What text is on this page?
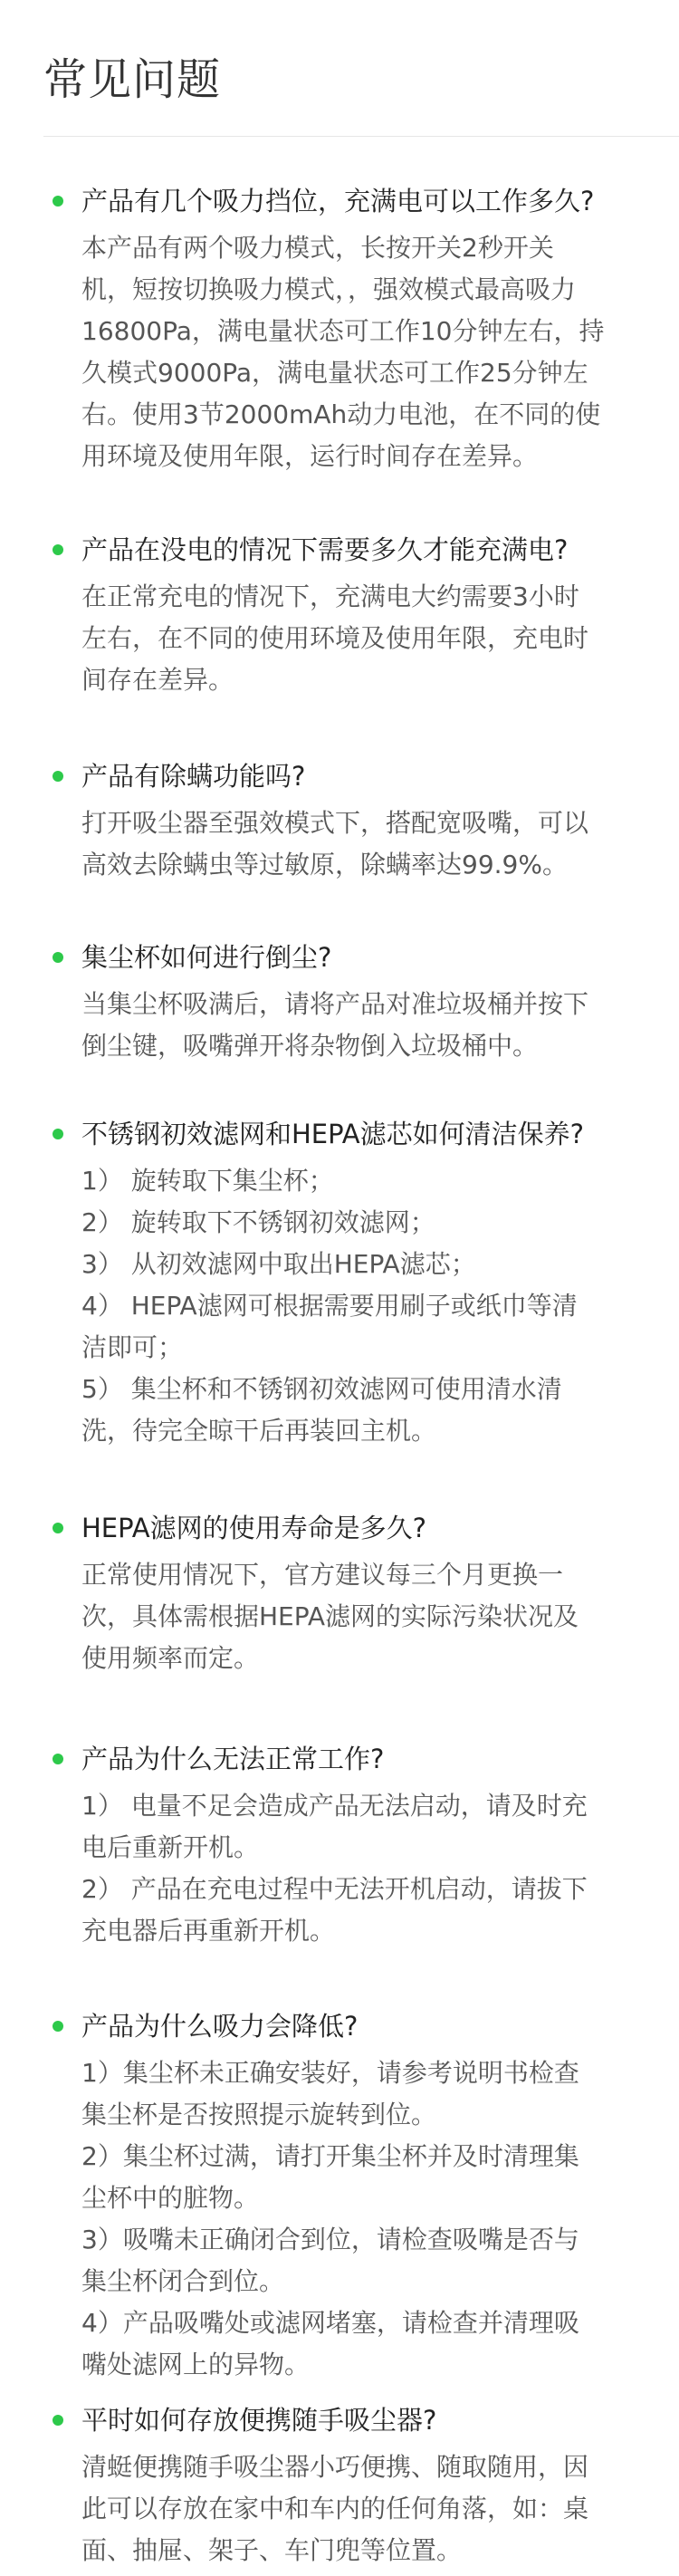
常见问题
产品有几个吸力挡位，充满电可以工作多久?
本产品有两个吸力模式，长按开关2秒开关
机，短按切换吸力模式，，强效模式最高吸力
16800Pa，满电量状态可工作10分钟左右，持
久模式9000Pa，满电量状态可工作25分钟左
右。使用3节2000mAh动力电池，在不同的使
用环境及使用年限，运行时间存在差异。
产品在没电的情况下需要多久才能充满电?
在正常充电的情况下，充满电大约需要3小时
左右，在不同的使用环境及使用年限，充电时
间存在差异。
产品有除螨功能吗?
打开吸尘器至强效模式下，搭配宽吸嘴，可以
高效去除螨虫等过敏原，除螨率达99.9%。
集尘杯如何进行倒尘?
当集尘杯吸满后，请将产品对准垃圾桶并按下
倒尘键，吸嘴弹开将杂物倒入垃圾桶中。
不锈钢初效滤网和HEPA滤芯如何清洁保养?
1） 旋转取下集尘杯；
2） 旋转取下不锈钢初效滤网；
3） 从初效滤网中取出HEPA滤芯；
4） HEPA滤网可根据需要用刷子或纸巾等清
洁即可；
5） 集尘杯和不锈钢初效滤网可使用清水清
洗，待完全晾干后再装回主机。
HEPA滤网的使用寿命是多久?
正常使用情况下，官方建议每三个月更换一
次，具体需根据HEPA滤网的实际污染状况及
使用频率而定。
产品为什么无法正常工作?
1） 电量不足会造成产品无法启动，请及时充
电后重新开机。
2） 产品在充电过程中无法开机启动，请拔下
充电器后再重新开机。
产品为什么吸力会降低?
1）集尘杯未正确安装好，请参考说明书检查
集尘杯是否按照提示旋转到位。
2）集尘杯过满，请打开集尘杯并及时清理集
尘杯中的脏物。
3）吸嘴未正确闭合到位，请检查吸嘴是否与
集尘杯闭合到位。
4）产品吸嘴处或滤网堵塞，请检查并清理吸
嘴处滤网上的异物。
平时如何存放便携随手吸尘器?
清蜓便携随手吸尘器小巧便携、随取随用，因
此可以存放在家中和车内的任何角落，如：桌
面、抽屉、架子、车门兜等位置。
